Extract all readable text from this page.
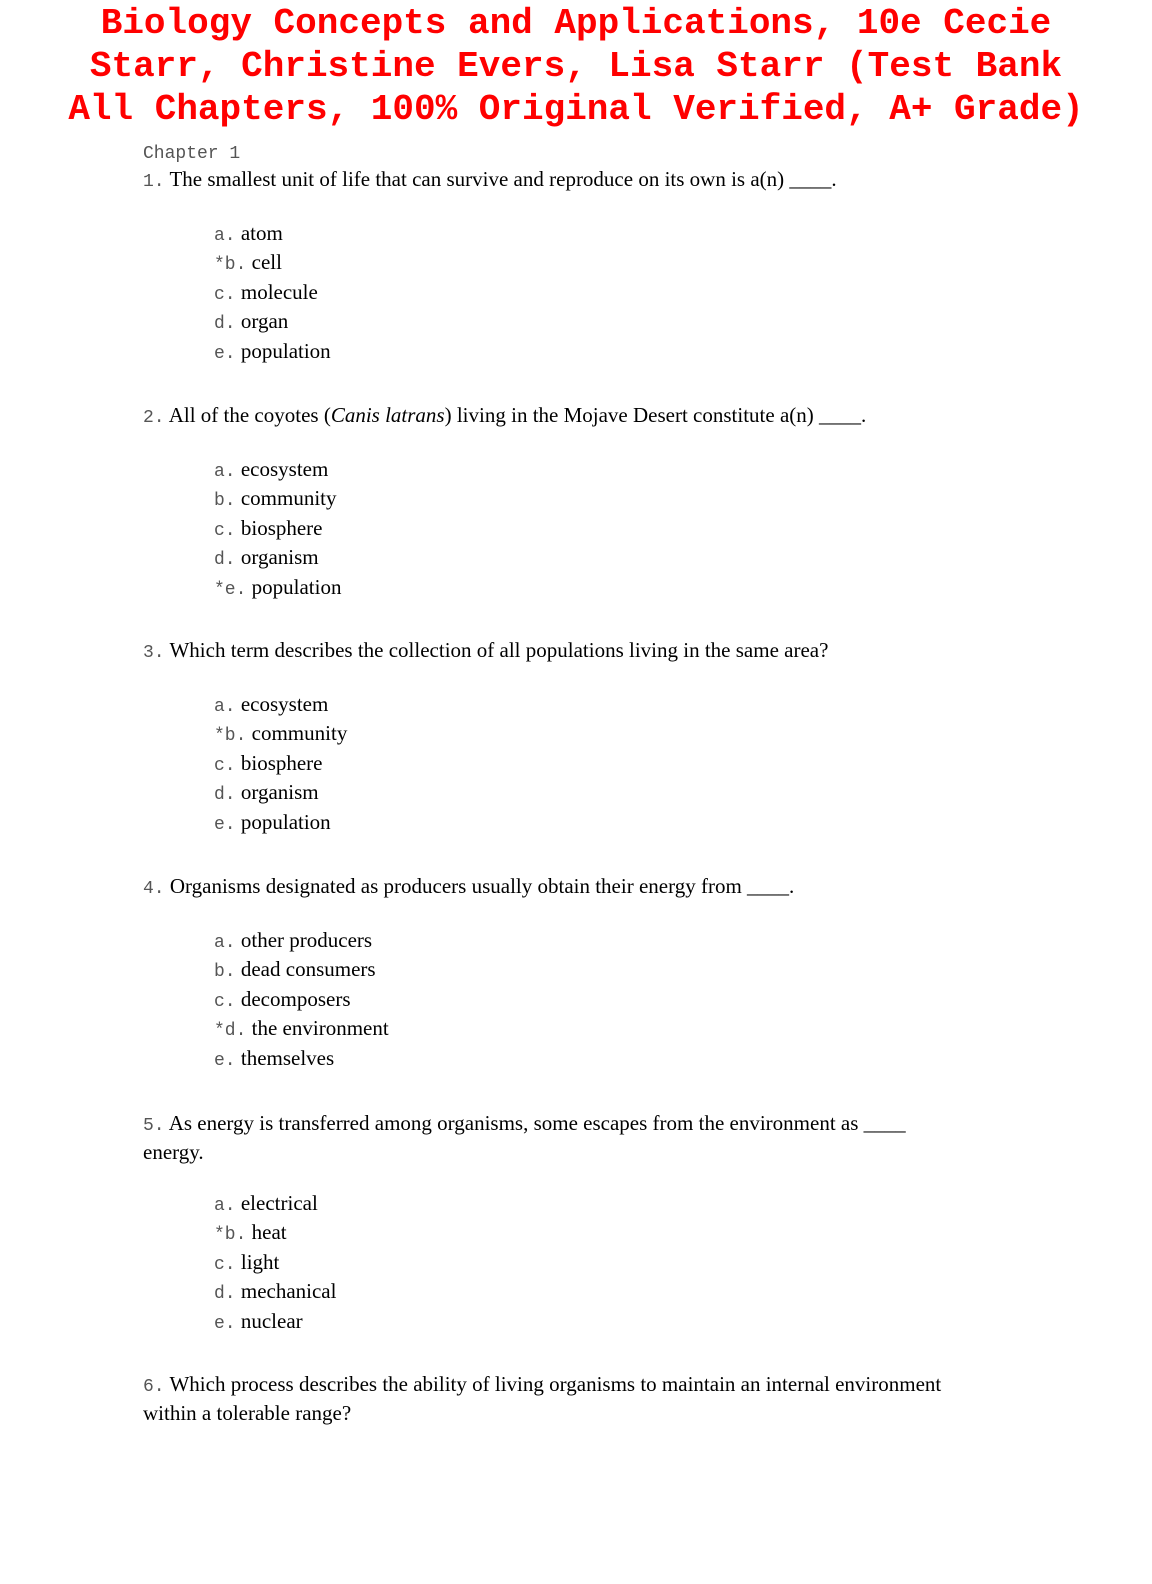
Biology Concepts and Applications, 10e Cecie
Starr, Christine Evers, Lisa Starr (Test Bank
All Chapters, 100% Original Verified, A+ Grade)
Chapter 1
1. The smallest unit of life that can survive and reproduce on its own is a(n) ____.
a. atom
*b. cell
c. molecule
d. organ
e. population
2. All of the coyotes (Canis latrans) living in the Mojave Desert constitute a(n) ____.
a. ecosystem
b. community
c. biosphere
d. organism
*e. population
3. Which term describes the collection of all populations living in the same area?
a. ecosystem
*b. community
c. biosphere
d. organism
e. population
4. Organisms designated as producers usually obtain their energy from ____.
a. other producers
b. dead consumers
c. decomposers
*d. the environment
e. themselves
5. As energy is transferred among organisms, some escapes from the environment as ____ energy.
a. electrical
*b. heat
c. light
d. mechanical
e. nuclear
6. Which process describes the ability of living organisms to maintain an internal environment within a tolerable range?
